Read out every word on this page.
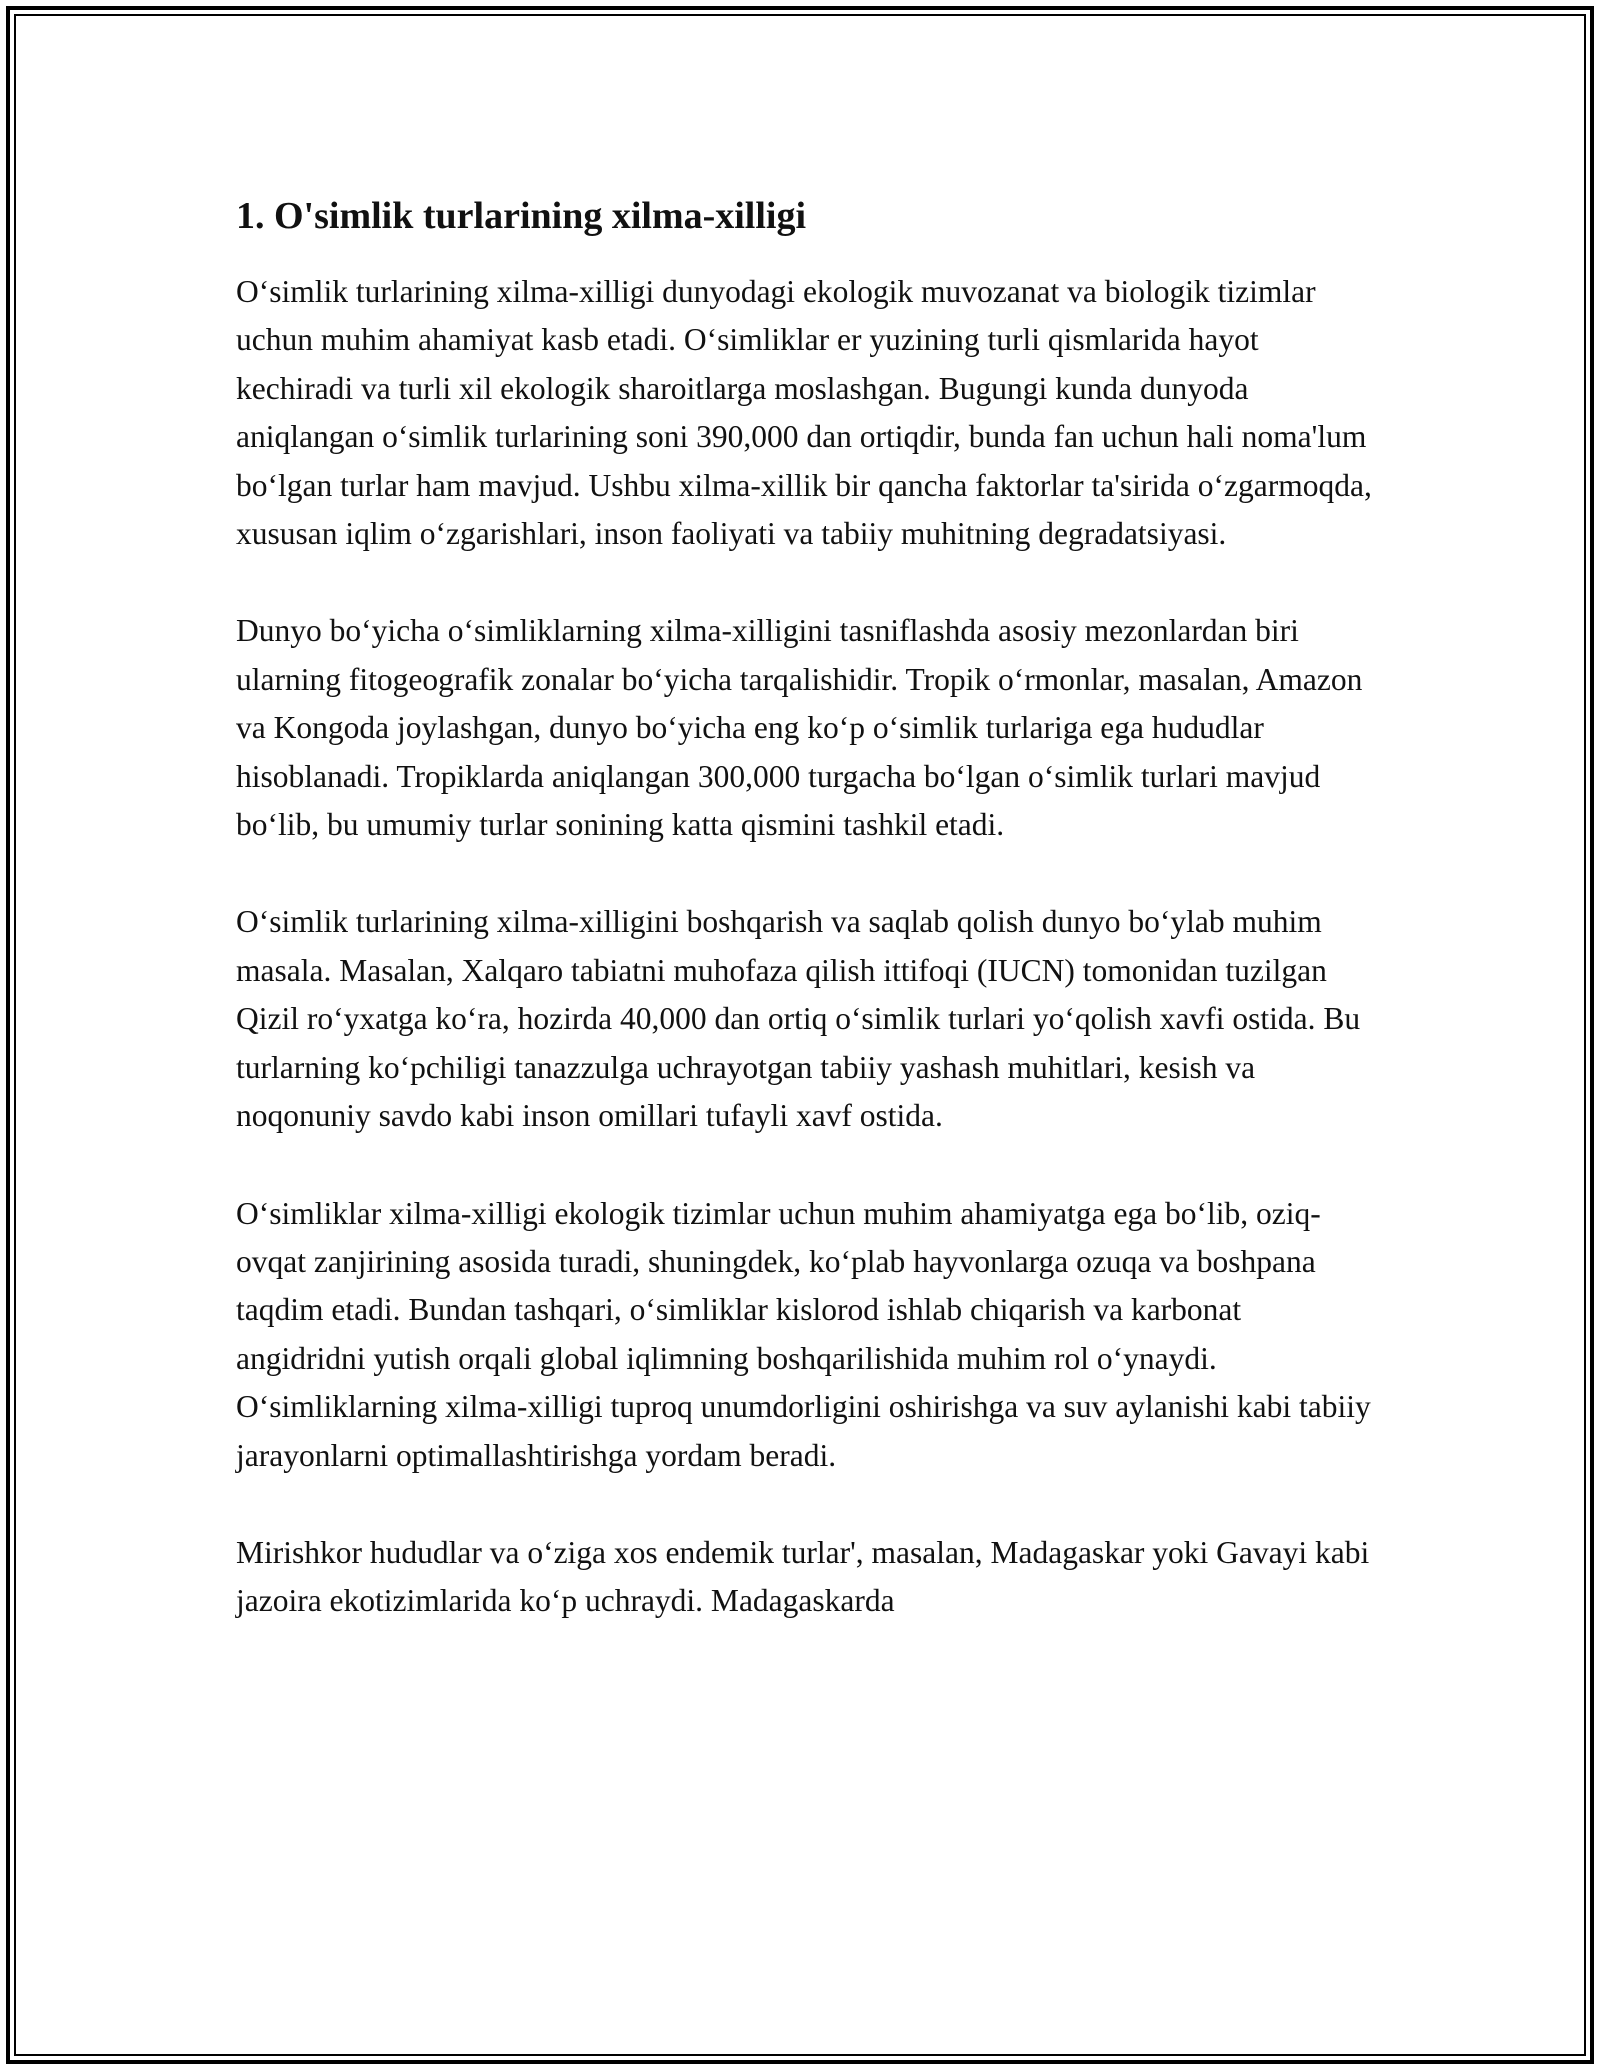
1. O'simlik turlarining xilma-xilligi

O‘simlik turlarining xilma-xilligi dunyodagi ekologik muvozanat va biologik tizimlar uchun muhim ahamiyat kasb etadi. O‘simliklar er yuzining turli qismlarida hayot kechiradi va turli xil ekologik sharoitlarga moslashgan. Bugungi kunda dunyoda aniqlangan o‘simlik turlarining soni 390,000 dan ortiqdir, bunda fan uchun hali noma'lum bo‘lgan turlar ham mavjud. Ushbu xilma-xillik bir qancha faktorlar ta'sirida o‘zgarmoqda, xususan iqlim o‘zgarishlari, inson faoliyati va tabiiy muhitning degradatsiyasi.

Dunyo bo‘yicha o‘simliklarning xilma-xilligini tasniflashda asosiy mezonlardan biri ularning fitogeografik zonalar bo‘yicha tarqalishidir. Tropik o‘rmonlar, masalan, Amazon va Kongoda joylashgan, dunyo bo‘yicha eng ko‘p o‘simlik turlariga ega hududlar hisoblanadi. Tropiklarda aniqlangan 300,000 turgacha bo‘lgan o‘simlik turlari mavjud bo‘lib, bu umumiy turlar sonining katta qismini tashkil etadi.

O‘simlik turlarining xilma-xilligini boshqarish va saqlab qolish dunyo bo‘ylab muhim masala. Masalan, Xalqaro tabiatni muhofaza qilish ittifoqi (IUCN) tomonidan tuzilgan Qizil ro‘yxatga ko‘ra, hozirda 40,000 dan ortiq o‘simlik turlari yo‘qolish xavfi ostida. Bu turlarning ko‘pchiligi tanazzulga uchrayotgan tabiiy yashash muhitlari, kesish va noqonuniy savdo kabi inson omillari tufayli xavf ostida.

O‘simliklar xilma-xilligi ekologik tizimlar uchun muhim ahamiyatga ega bo‘lib, oziq-ovqat zanjirining asosida turadi, shuningdek, ko‘plab hayvonlarga ozuqa va boshpana taqdim etadi. Bundan tashqari, o‘simliklar kislorod ishlab chiqarish va karbonat angidridni yutish orqali global iqlimning boshqarilishida muhim rol o‘ynaydi. O‘simliklarning xilma-xilligi tuproq unumdorligini oshirishga va suv aylanishi kabi tabiiy jarayonlarni optimallashtirishga yordam beradi.

Mirishkor hududlar va o‘ziga xos endemik turlar', masalan, Madagaskar yoki Gavayi kabi jazoira ekotizimlarida ko‘p uchraydi. Madagaskarda
